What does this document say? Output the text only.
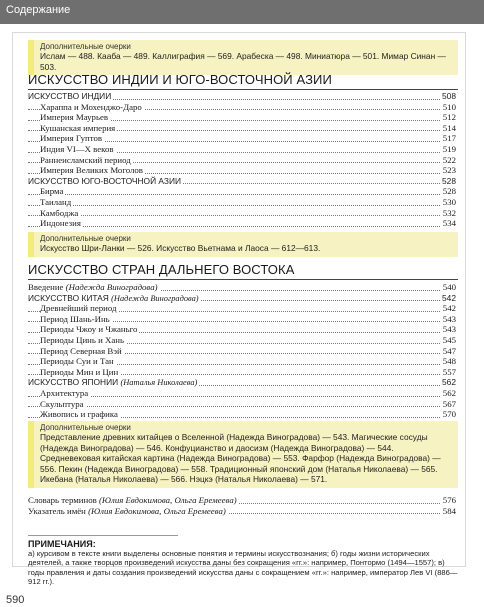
Содержание
Дополнительные очерки
Ислам — 488. Кааба — 489. Каллиграфия — 569. Арабеска — 498. Миниатюра — 501. Мимар Синан — 503.
ИСКУССТВО ИНДИИ И ЮГО-ВОСТОЧНОЙ АЗИИ
ИСКУССТВО ИНДИИ	508
Хараппа и Мохенджо-Даро	510
Империя Маурьев	512
Кушанская империя	514
Империя Гуптов	517
Индия VI—X веков	519
Раннеисламский период	522
Империя Великих Моголов	523
ИСКУССТВО ЮГО-ВОСТОЧНОЙ АЗИИ	528
Бирма	528
Таиланд	530
Камбоджа	532
Индонезия	534
Дополнительные очерки
Искусство Шри-Ланки — 526. Искусство Вьетнама и Лаоса — 612—613.
ИСКУССТВО СТРАН ДАЛЬНЕГО ВОСТОКА
Введение (Надежда Виноградова)	540
ИСКУССТВО КИТАЯ (Надежда Виноградова)	542
Древнейший период	542
Период Шань-Инь	543
Периоды Чжоу и Чжаньго	543
Периоды Цинь и Хань	545
Период Северная Вэй	547
Периоды Суи и Тан	548
Периоды Мин и Цин	557
ИСКУССТВО ЯПОНИИ (Наталья Николаева)	562
Архитектура	562
Скульптура	567
Живопись и графика	570
Дополнительные очерки
Представление древних китайцев о Вселенной (Надежда Виноградова) — 543. Магические сосуды (Надежда Виноградова) — 546. Конфуцианство и даосизм (Надежда Виноградова) — 544. Средневековая китайская картина (Надежда Виноградова) — 553. Фарфор (Надежда Виноградова) — 556. Пекин (Надежда Виноградова) — 558. Традиционный японский дом (Наталья Николаева) — 565. Икебана (Наталья Николаева) — 566. Нэцкэ (Наталья Николаева) — 571.
Словарь терминов (Юлия Евдокимова, Ольга Еремеева)	576
Указатель имён (Юлия Евдокимова, Ольга Еремеева)	584
ПРИМЕЧАНИЯ:
а) курсивом в тексте книги выделены основные понятия и термины искусствознания; б) годы жизни исторических деятелей, а также творцов произведений искусства даны без сокращения «гг.»: например, Понтормо (1494—1557); в) годы правления и даты создания произведений искусства даны с сокращением «гг.»: например, император Лев VI (886—912 гг.).
590
